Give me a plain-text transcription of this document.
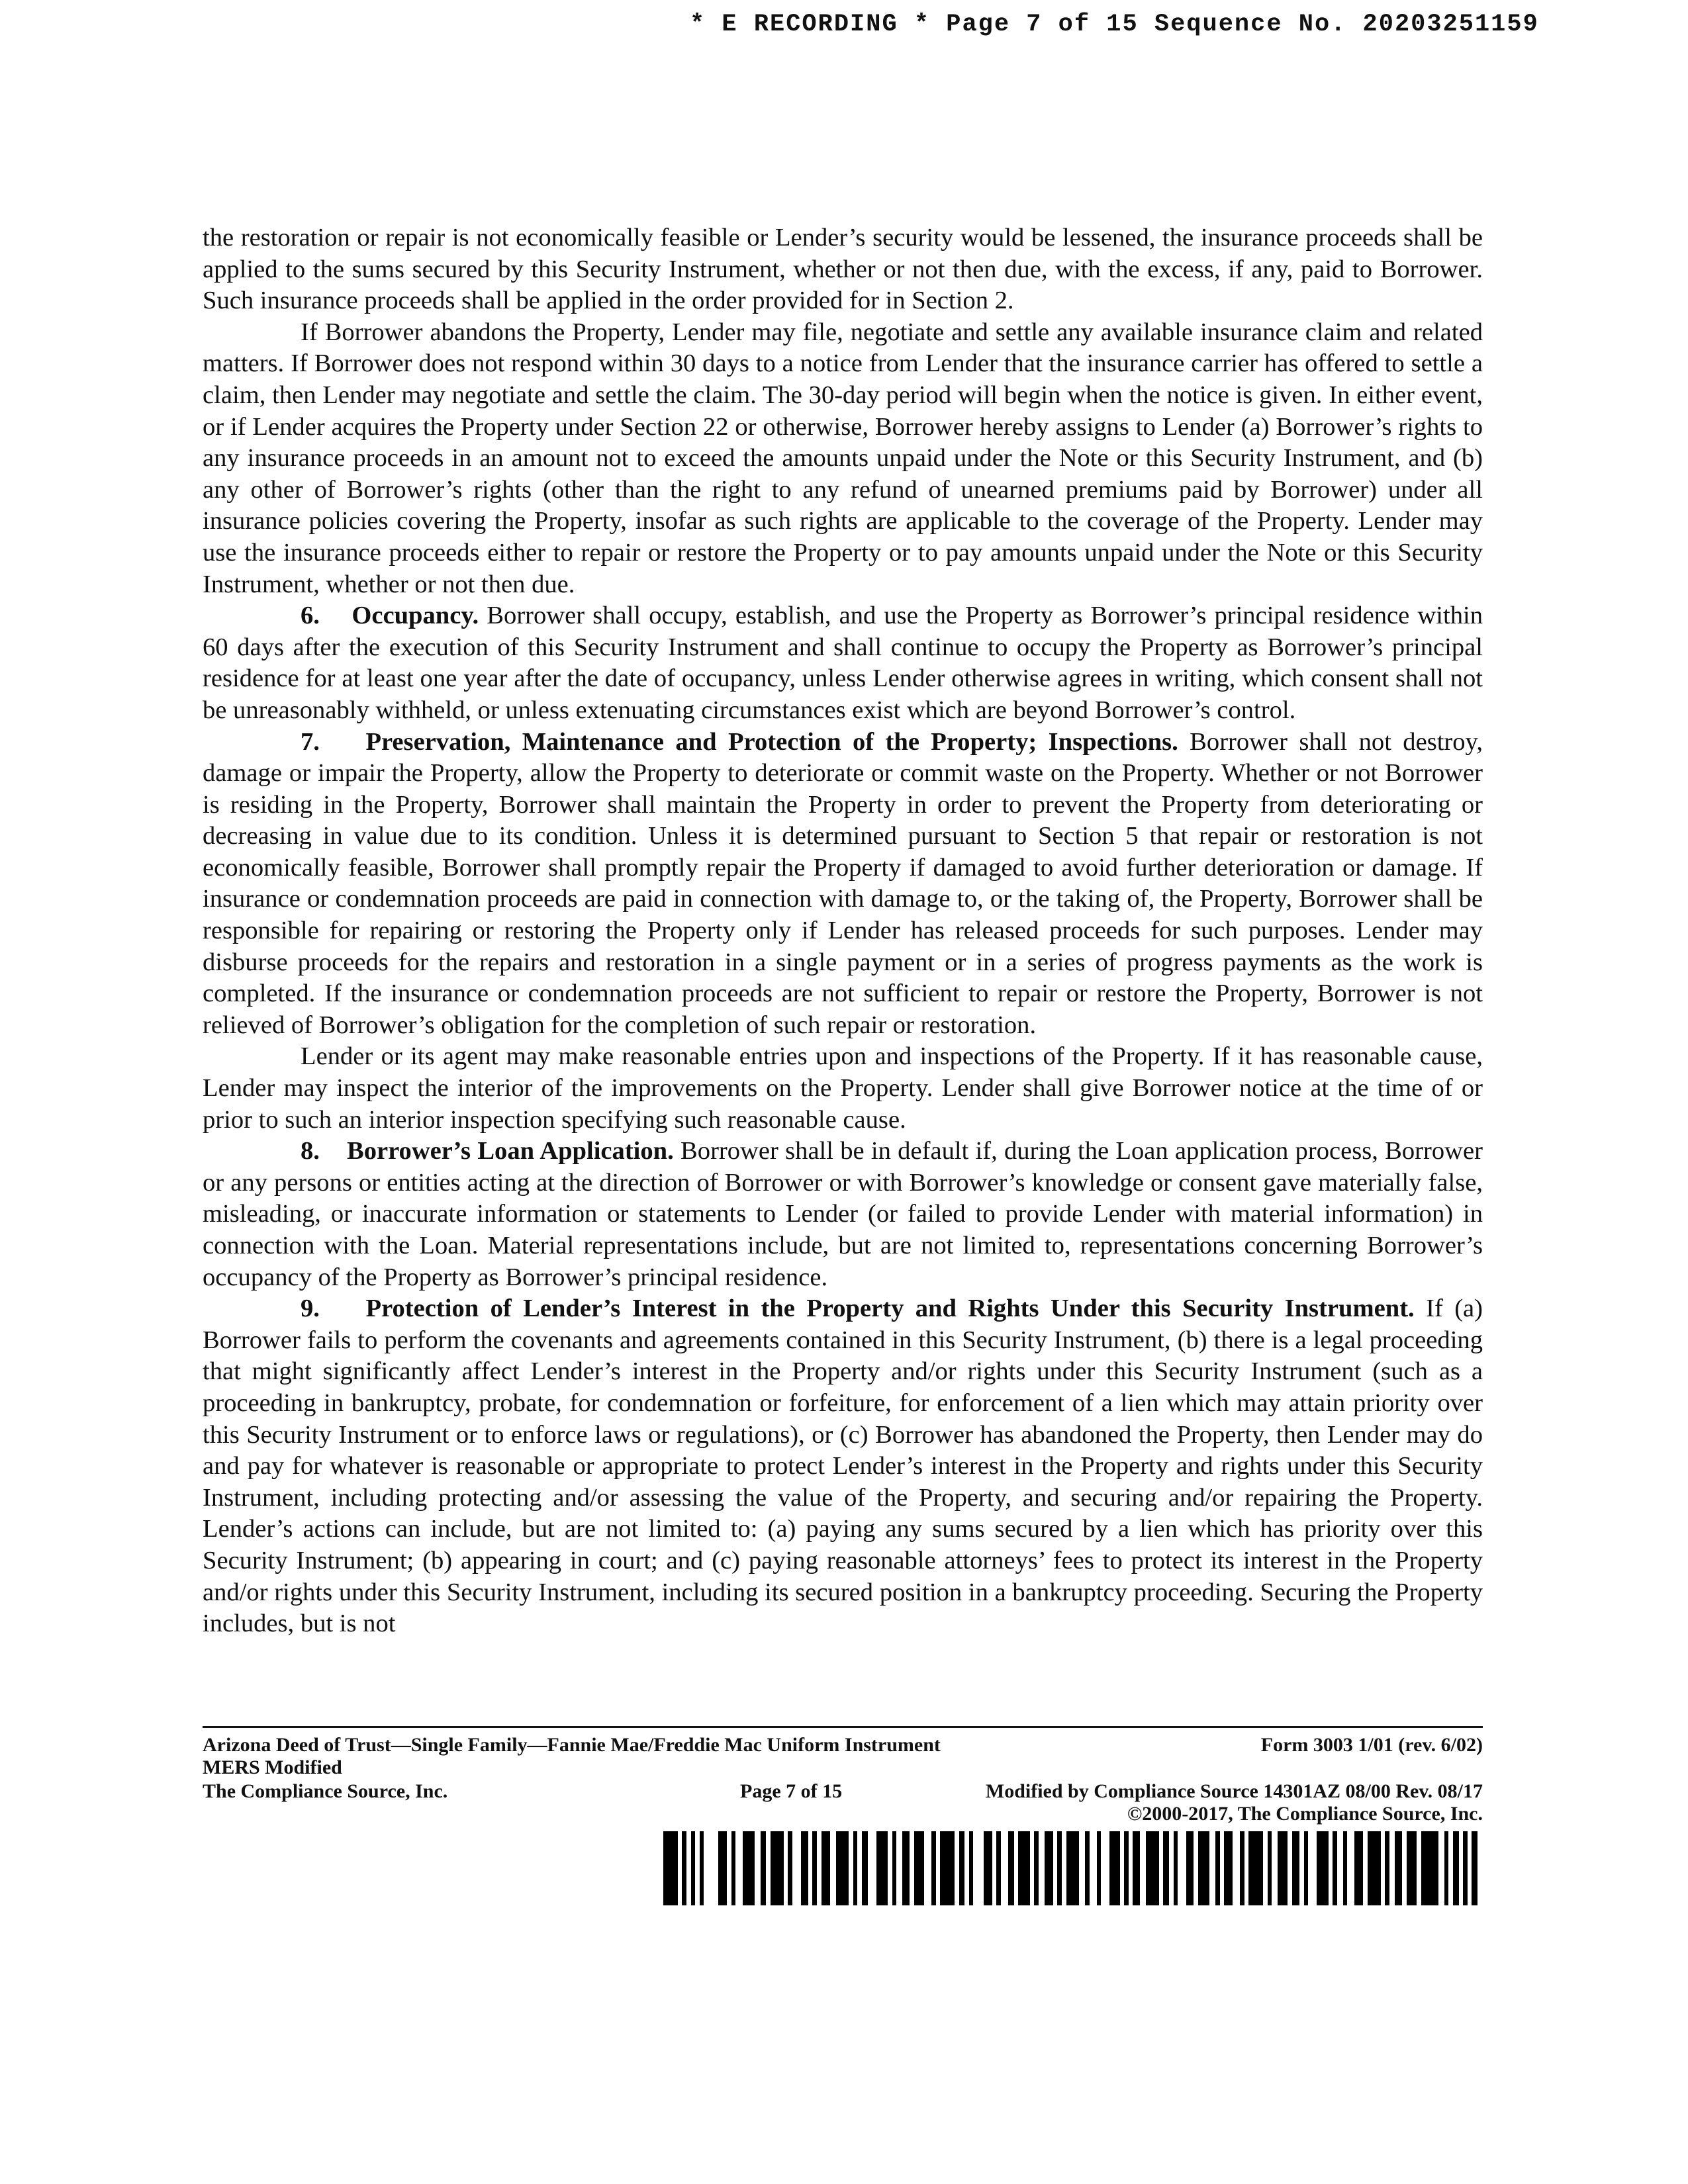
* E RECORDING * Page 7 of 15 Sequence No. 20203251159

the restoration or repair is not economically feasible or Lender’s security would be lessened, the insurance proceeds shall be applied to the sums secured by this Security Instrument, whether or not then due, with the excess, if any, paid to Borrower. Such insurance proceeds shall be applied in the order provided for in Section 2.

If Borrower abandons the Property, Lender may file, negotiate and settle any available insurance claim and related matters. If Borrower does not respond within 30 days to a notice from Lender that the insurance carrier has offered to settle a claim, then Lender may negotiate and settle the claim. The 30-day period will begin when the notice is given. In either event, or if Lender acquires the Property under Section 22 or otherwise, Borrower hereby assigns to Lender (a) Borrower’s rights to any insurance proceeds in an amount not to exceed the amounts unpaid under the Note or this Security Instrument, and (b) any other of Borrower’s rights (other than the right to any refund of unearned premiums paid by Borrower) under all insurance policies covering the Property, insofar as such rights are applicable to the coverage of the Property. Lender may use the insurance proceeds either to repair or restore the Property or to pay amounts unpaid under the Note or this Security Instrument, whether or not then due.

6. Occupancy. Borrower shall occupy, establish, and use the Property as Borrower’s principal residence within 60 days after the execution of this Security Instrument and shall continue to occupy the Property as Borrower’s principal residence for at least one year after the date of occupancy, unless Lender otherwise agrees in writing, which consent shall not be unreasonably withheld, or unless extenuating circumstances exist which are beyond Borrower’s control.

7. Preservation, Maintenance and Protection of the Property; Inspections. Borrower shall not destroy, damage or impair the Property, allow the Property to deteriorate or commit waste on the Property. Whether or not Borrower is residing in the Property, Borrower shall maintain the Property in order to prevent the Property from deteriorating or decreasing in value due to its condition. Unless it is determined pursuant to Section 5 that repair or restoration is not economically feasible, Borrower shall promptly repair the Property if damaged to avoid further deterioration or damage. If insurance or condemnation proceeds are paid in connection with damage to, or the taking of, the Property, Borrower shall be responsible for repairing or restoring the Property only if Lender has released proceeds for such purposes. Lender may disburse proceeds for the repairs and restoration in a single payment or in a series of progress payments as the work is completed. If the insurance or condemnation proceeds are not sufficient to repair or restore the Property, Borrower is not relieved of Borrower’s obligation for the completion of such repair or restoration.

Lender or its agent may make reasonable entries upon and inspections of the Property. If it has reasonable cause, Lender may inspect the interior of the improvements on the Property. Lender shall give Borrower notice at the time of or prior to such an interior inspection specifying such reasonable cause.

8. Borrower’s Loan Application. Borrower shall be in default if, during the Loan application process, Borrower or any persons or entities acting at the direction of Borrower or with Borrower’s knowledge or consent gave materially false, misleading, or inaccurate information or statements to Lender (or failed to provide Lender with material information) in connection with the Loan. Material representations include, but are not limited to, representations concerning Borrower’s occupancy of the Property as Borrower’s principal residence.

9. Protection of Lender’s Interest in the Property and Rights Under this Security Instrument. If (a) Borrower fails to perform the covenants and agreements contained in this Security Instrument, (b) there is a legal proceeding that might significantly affect Lender’s interest in the Property and/or rights under this Security Instrument (such as a proceeding in bankruptcy, probate, for condemnation or forfeiture, for enforcement of a lien which may attain priority over this Security Instrument or to enforce laws or regulations), or (c) Borrower has abandoned the Property, then Lender may do and pay for whatever is reasonable or appropriate to protect Lender’s interest in the Property and rights under this Security Instrument, including protecting and/or assessing the value of the Property, and securing and/or repairing the Property. Lender’s actions can include, but are not limited to: (a) paying any sums secured by a lien which has priority over this Security Instrument; (b) appearing in court; and (c) paying reasonable attorneys’ fees to protect its interest in the Property and/or rights under this Security Instrument, including its secured position in a bankruptcy proceeding. Securing the Property includes, but is not

Arizona Deed of Trust—Single Family—Fannie Mae/Freddie Mac Uniform Instrument	Form 3003 1/01 (rev. 6/02)
MERS Modified
The Compliance Source, Inc.	Page 7 of 15	Modified by Compliance Source 14301AZ 08/00 Rev. 08/17
©2000-2017, The Compliance Source, Inc.
